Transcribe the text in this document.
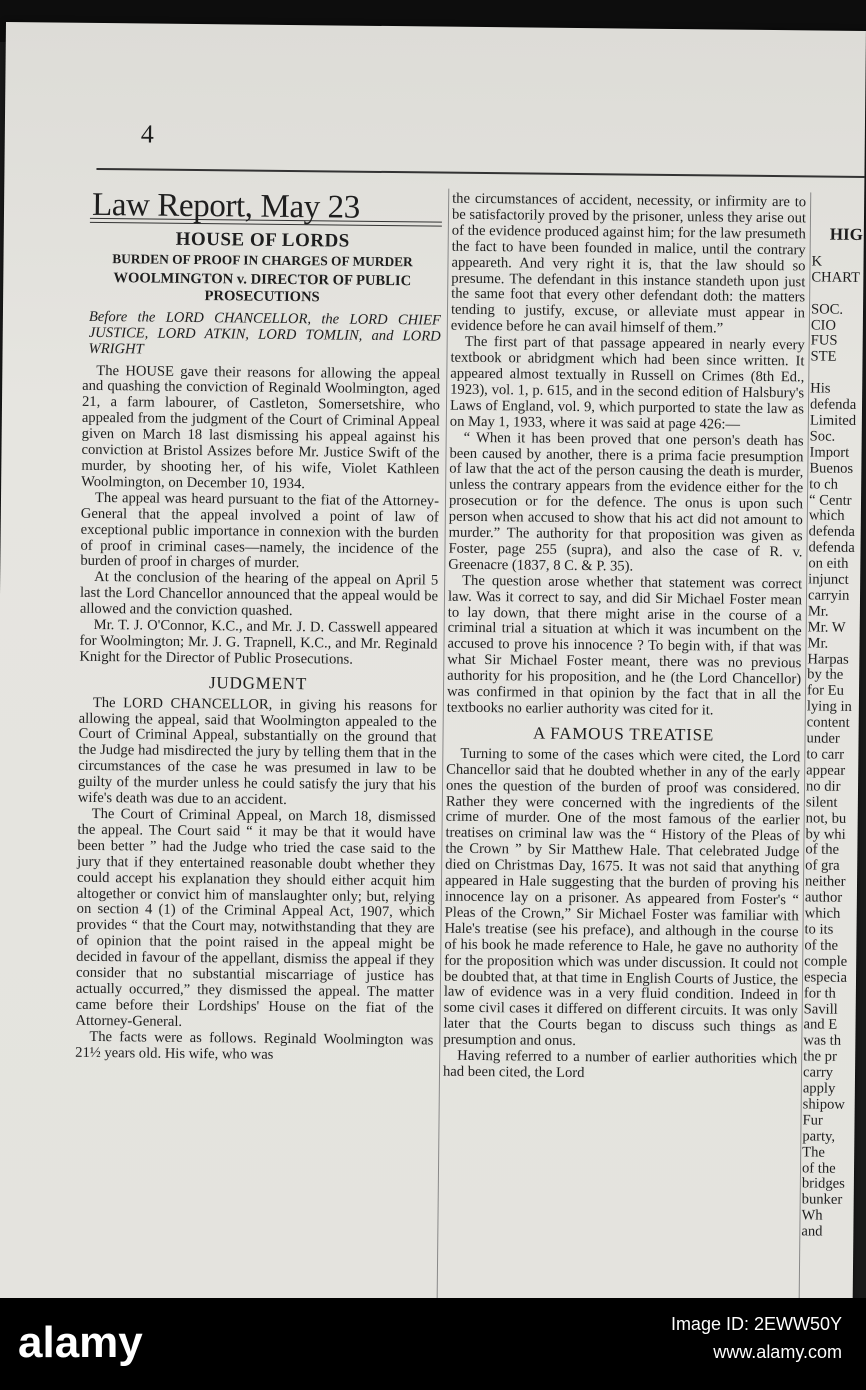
4
Law Report, May 23
HOUSE OF LORDS
BURDEN OF PROOF IN CHARGES OF MURDER
WOOLMINGTON v. DIRECTOR OF PUBLIC PROSECUTIONS

Before the LORD CHANCELLOR, the LORD CHIEF JUSTICE, LORD ATKIN, LORD TOMLIN, and LORD WRIGHT

The HOUSE gave their reasons for allowing the appeal and quashing the conviction of Reginald Woolmington, aged 21, a farm labourer, of Castleton, Somersetshire, who appealed from the judgment of the Court of Criminal Appeal given on March 18 last dismissing his appeal against his conviction at Bristol Assizes before Mr. Justice Swift of the murder, by shooting her, of his wife, Violet Kathleen Woolmington, on December 10, 1934.

The appeal was heard pursuant to the fiat of the Attorney-General that the appeal involved a point of law of exceptional public importance in connexion with the burden of proof in criminal cases—namely, the incidence of the burden of proof in charges of murder.

At the conclusion of the hearing of the appeal on April 5 last the Lord Chancellor announced that the appeal would be allowed and the conviction quashed.

Mr. T. J. O'Connor, K.C., and Mr. J. D. Casswell appeared for Woolmington; Mr. J. G. Trapnell, K.C., and Mr. Reginald Knight for the Director of Public Prosecutions.

JUDGMENT

The LORD CHANCELLOR, in giving his reasons for allowing the appeal, said that Woolmington appealed to the Court of Criminal Appeal, substantially on the ground that the Judge had misdirected the jury by telling them that in the circumstances of the case he was presumed in law to be guilty of the murder unless he could satisfy the jury that his wife's death was due to an accident.

The Court of Criminal Appeal, on March 18, dismissed the appeal. The Court said “ it may be that it would have been better ” had the Judge who tried the case said to the jury that if they entertained reasonable doubt whether they could accept his explanation they should either acquit him altogether or convict him of manslaughter only; but, relying on section 4 (1) of the Criminal Appeal Act, 1907, which provides “ that the Court may, notwithstanding that they are of opinion that the point raised in the appeal might be decided in favour of the appellant, dismiss the appeal if they consider that no substantial miscarriage of justice has actually occurred,” they dismissed the appeal. The matter came before their Lordships' House on the fiat of the Attorney-General.

The facts were as follows. Reginald Woolmington was 21½ years old. His wife, who was

the circumstances of accident, necessity, or infirmity are to be satisfactorily proved by the prisoner, unless they arise out of the evidence produced against him; for the law presumeth the fact to have been founded in malice, until the contrary appeareth. And very right it is, that the law should so presume. The defendant in this instance standeth upon just the same foot that every other defendant doth: the matters tending to justify, excuse, or alleviate must appear in evidence before he can avail himself of them.”

The first part of that passage appeared in nearly every textbook or abridgment which had been since written. It appeared almost textually in Russell on Crimes (8th Ed., 1923), vol. 1, p. 615, and in the second edition of Halsbury's Laws of England, vol. 9, which purported to state the law as on May 1, 1933, where it was said at page 426:—

“ When it has been proved that one person's death has been caused by another, there is a prima facie presumption of law that the act of the person causing the death is murder, unless the contrary appears from the evidence either for the prosecution or for the defence. The onus is upon such person when accused to show that his act did not amount to murder.” The authority for that proposition was given as Foster, page 255 (supra), and also the case of R. v. Greenacre (1837, 8 C. & P. 35).

The question arose whether that statement was correct law. Was it correct to say, and did Sir Michael Foster mean to lay down, that there might arise in the course of a criminal trial a situation at which it was incumbent on the accused to prove his innocence ? To begin with, if that was what Sir Michael Foster meant, there was no previous authority for his proposition, and he (the Lord Chancellor) was confirmed in that opinion by the fact that in all the textbooks no earlier authority was cited for it.

A FAMOUS TREATISE

Turning to some of the cases which were cited, the Lord Chancellor said that he doubted whether in any of the early ones the question of the burden of proof was considered. Rather they were concerned with the ingredients of the crime of murder. One of the most famous of the earlier treatises on criminal law was the “ History of the Pleas of the Crown ” by Sir Matthew Hale. That celebrated Judge died on Christmas Day, 1675. It was not said that anything appeared in Hale suggesting that the burden of proving his innocence lay on a prisoner. As appeared from Foster's “ Pleas of the Crown,” Sir Michael Foster was familiar with Hale's treatise (see his preface), and although in the course of his book he made reference to Hale, he gave no authority for the proposition which was under discussion. It could not be doubted that, at that time in English Courts of Justice, the law of evidence was in a very fluid condition. Indeed in some civil cases it differed on different circuits. It was only later that the Courts began to discuss such things as presumption and onus.

Having referred to a number of earlier authorities which had been cited, the Lord

HIG

K

CHART

SOC.

CIO

FUS

STE

His

defenda

Limited

Soc.

Import

Buenos

to ch

“ Centr

which

defenda

defenda

on eith

injunct

carryin

Mr.

Mr. W

Mr.

Harpas

by the

for Eu

lying in

content

under

to carr

appear

no dir

silent

not, bu

by whi

of the

of gra

neither

author

which

to its

of the

comple

especia

for th

Savill

and E

was th

the pr

carry

apply

shipow

Fur

party,

The

of the

bridges

bunker

Wh

and

alamy	Image ID: 2EWW50Y
www.alamy.com
